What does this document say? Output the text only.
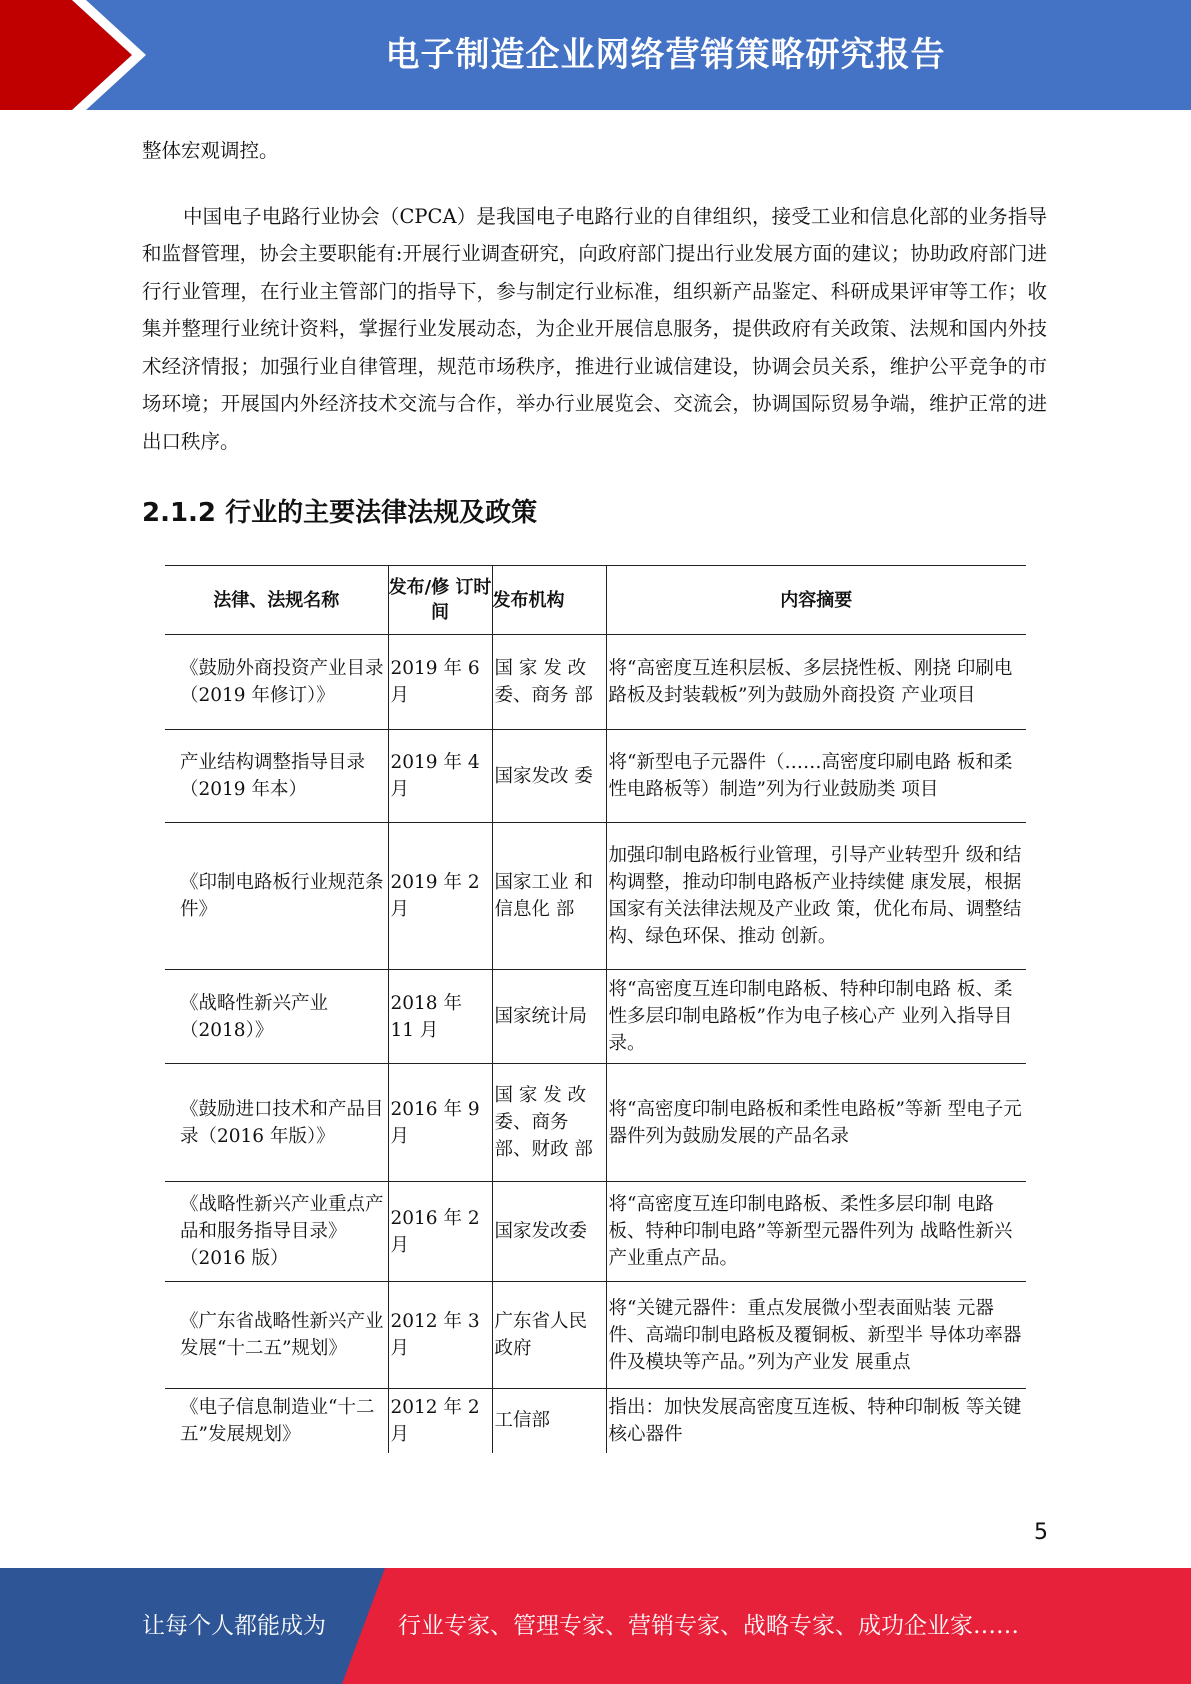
电子制造企业网络营销策略研究报告

整体宏观调控。

中国电子电路行业协会（CPCA）是我国电子电路行业的自律组织，接受工业和信息化部的业务指导和监督管理，协会主要职能有:开展行业调查研究，向政府部门提出行业发展方面的建议；协助政府部门进行行业管理，在行业主管部门的指导下，参与制定行业标准，组织新产品鉴定、科研成果评审等工作；收集并整理行业统计资料，掌握行业发展动态，为企业开展信息服务，提供政府有关政策、法规和国内外技术经济情报；加强行业自律管理，规范市场秩序，推进行业诚信建设，协调会员关系，维护公平竞争的市场环境；开展国内外经济技术交流与合作，举办行业展览会、交流会，协调国际贸易争端，维护正常的进出口秩序。

2.1.2 行业的主要法律法规及政策
法律、法规名称	发布/修 订时间	发布机构	内容摘要
《鼓励外商投资产业目录（2019 年修订）》	2019 年 6 月	国 家 发 改 委、商务 部	将“高密度互连积层板、多层挠性板、刚挠 印刷电路板及封装载板”列为鼓励外商投资 产业项目
产业结构调整指导目录（2019 年本）	2019 年 4 月	国家发改 委	将“新型电子元器件（……高密度印刷电路 板和柔性电路板等）制造”列为行业鼓励类 项目
《印制电路板行业规范条件》	2019 年 2 月	国家工业 和信息化 部	加强印制电路板行业管理，引导产业转型升 级和结构调整，推动印制电路板产业持续健 康发展，根据国家有关法律法规及产业政 策，优化布局、调整结构、绿色环保、推动 创新。
《战略性新兴产业（2018）》	2018 年 11 月	国家统计局	将“高密度互连印制电路板、特种印制电路 板、柔性多层印制电路板”作为电子核心产 业列入指导目录。
《鼓励进口技术和产品目录（2016 年版）》	2016 年 9 月	国 家 发 改 委、商务 部、财政 部	将“高密度印制电路板和柔性电路板”等新 型电子元器件列为鼓励发展的产品名录
《战略性新兴产业重点产品和服务指导目录》（2016 版）	2016 年 2 月	国家发改委	将“高密度互连印制电路板、柔性多层印制 电路板、特种印制电路”等新型元器件列为 战略性新兴产业重点产品。
《广东省战略性新兴产业发展“十二五”规划》	2012 年 3 月	广东省人民政府	将“关键元器件：重点发展微小型表面贴装 元器件、高端印制电路板及覆铜板、新型半 导体功率器件及模块等产品。”列为产业发 展重点
《电子信息制造业“十二五”发展规划》	2012 年 2 月	工信部	指出：加快发展高密度互连板、特种印制板 等关键核心器件
5
让每个人都能成为	行业专家、管理专家、营销专家、战略专家、成功企业家……
